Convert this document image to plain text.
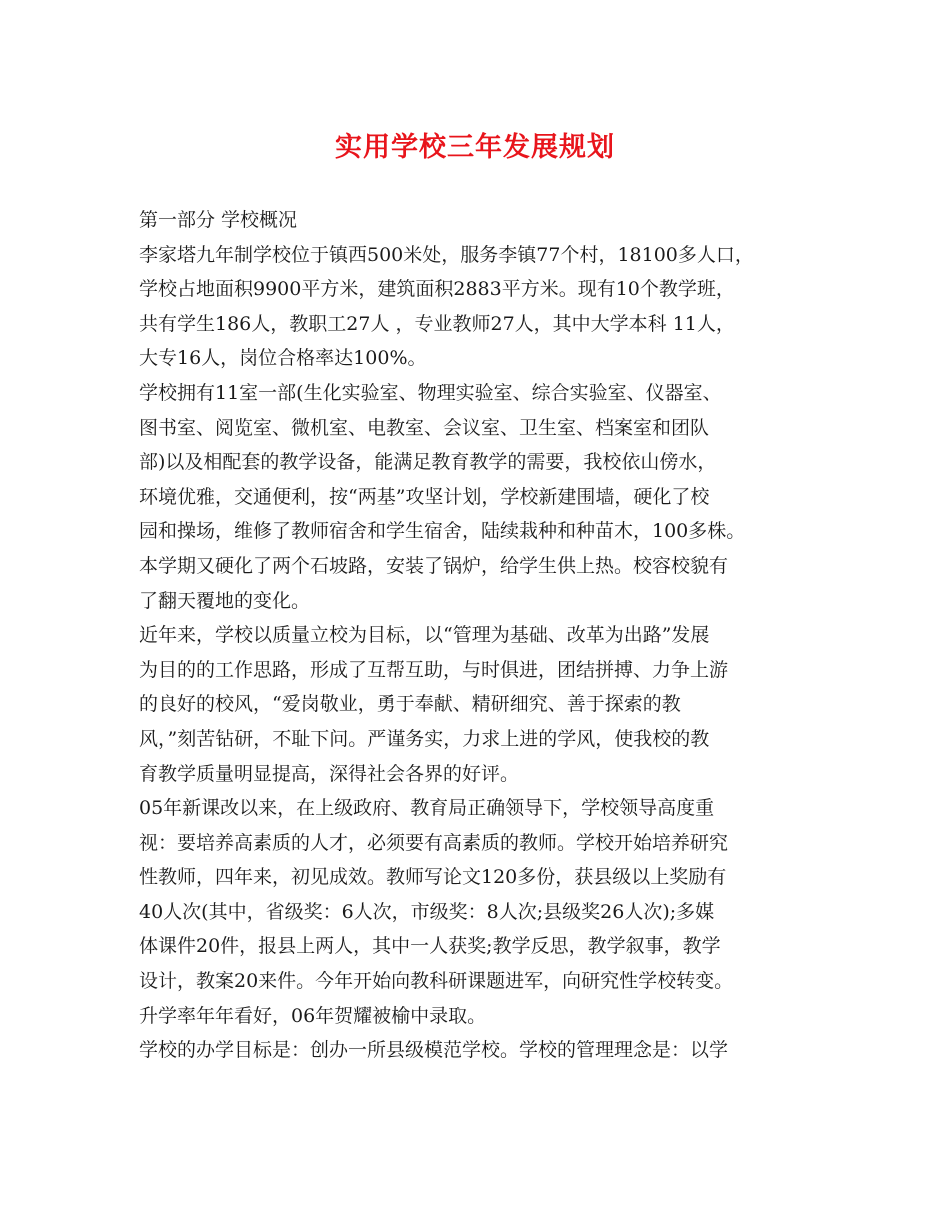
实用学校三年发展规划
第一部分 学校概况
李家塔九年制学校位于镇西500米处，服务李镇77个村，18100多人口，
学校占地面积9900平方米，建筑面积2883平方米。现有10个教学班，
共有学生186人，教职工27人 ，专业教师27人，其中大学本科 11人，
大专16人，岗位合格率达100%。
学校拥有11室一部(生化实验室、物理实验室、综合实验室、仪器室、
图书室、阅览室、微机室、电教室、会议室、卫生室、档案室和团队
部)以及相配套的教学设备，能满足教育教学的需要，我校依山傍水，
环境优雅，交通便利，按“两基”攻坚计划，学校新建围墙，硬化了校
园和操场，维修了教师宿舍和学生宿舍，陆续栽种和种苗木，100多株。
本学期又硬化了两个石坡路，安装了锅炉，给学生供上热。校容校貌有
了翻天覆地的变化。
近年来，学校以质量立校为目标，以“管理为基础、改革为出路”发展
为目的的工作思路，形成了互帮互助，与时俱进，团结拼搏、力争上游
的良好的校风，“爱岗敬业，勇于奉献、精研细究、善于探索的教
风，”刻苦钻研，不耻下问。严谨务实，力求上进的学风，使我校的教
育教学质量明显提高，深得社会各界的好评。
05年新课改以来，在上级政府、教育局正确领导下，学校领导高度重
视：要培养高素质的人才，必须要有高素质的教师。学校开始培养研究
性教师，四年来，初见成效。教师写论文120多份，获县级以上奖励有
40人次(其中，省级奖：6人次，市级奖：8人次;县级奖26人次);多媒
体课件20件，报县上两人，其中一人获奖;教学反思，教学叙事，教学
设计，教案20来件。今年开始向教科研课题进军，向研究性学校转变。
升学率年年看好，06年贺耀被榆中录取。
学校的办学目标是：创办一所县级模范学校。学校的管理理念是：以学
